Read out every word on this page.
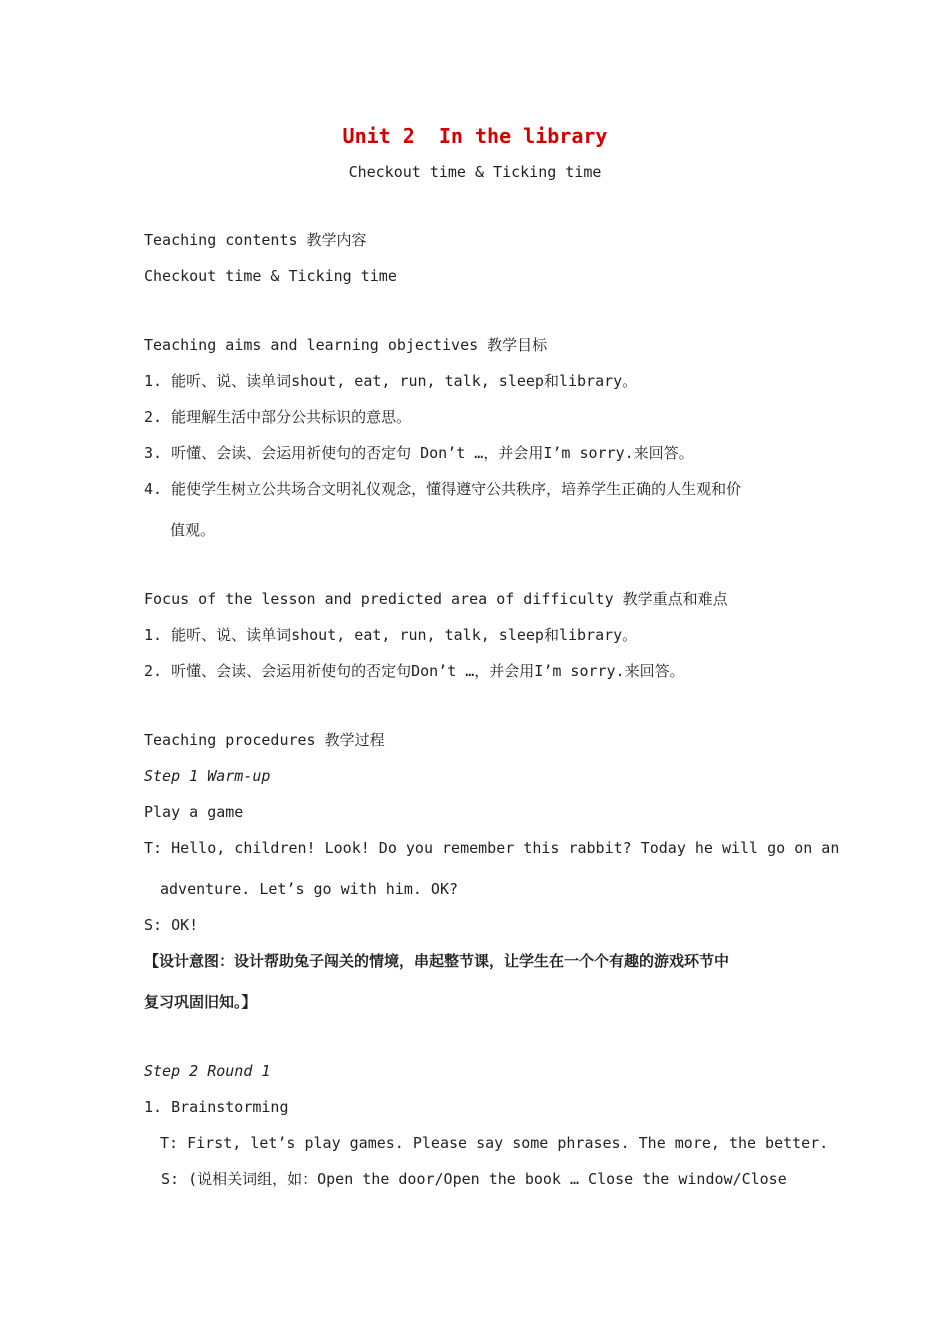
Unit 2  In the library
Checkout time & Ticking time
Teaching contents 教学内容
Checkout time & Ticking time
Teaching aims and learning objectives 教学目标
1. 能听、说、读单词shout, eat, run, talk, sleep和library。
2. 能理解生活中部分公共标识的意思。
3. 听懂、会读、会运用祈使句的否定句 Don’t …，并会用I’m sorry.来回答。
4. 能使学生树立公共场合文明礼仪观念，懂得遵守公共秩序，培养学生正确的人生观和价
值观。
Focus of the lesson and predicted area of difficulty 教学重点和难点
1. 能听、说、读单词shout, eat, run, talk, sleep和library。
2. 听懂、会读、会运用祈使句的否定句Don’t …，并会用I’m sorry.来回答。
Teaching procedures 教学过程
Step 1 Warm-up
Play a game
T: Hello, children! Look! Do you remember this rabbit? Today he will go on an
adventure. Let’s go with him. OK?
S: OK!
【设计意图：设计帮助兔子闯关的情境，串起整节课，让学生在一个个有趣的游戏环节中
复习巩固旧知。】
Step 2 Round 1
1. Brainstorming
T: First, let’s play games. Please say some phrases. The more, the better.
S: (说相关词组，如：Open the door/Open the book … Close the window/Close
